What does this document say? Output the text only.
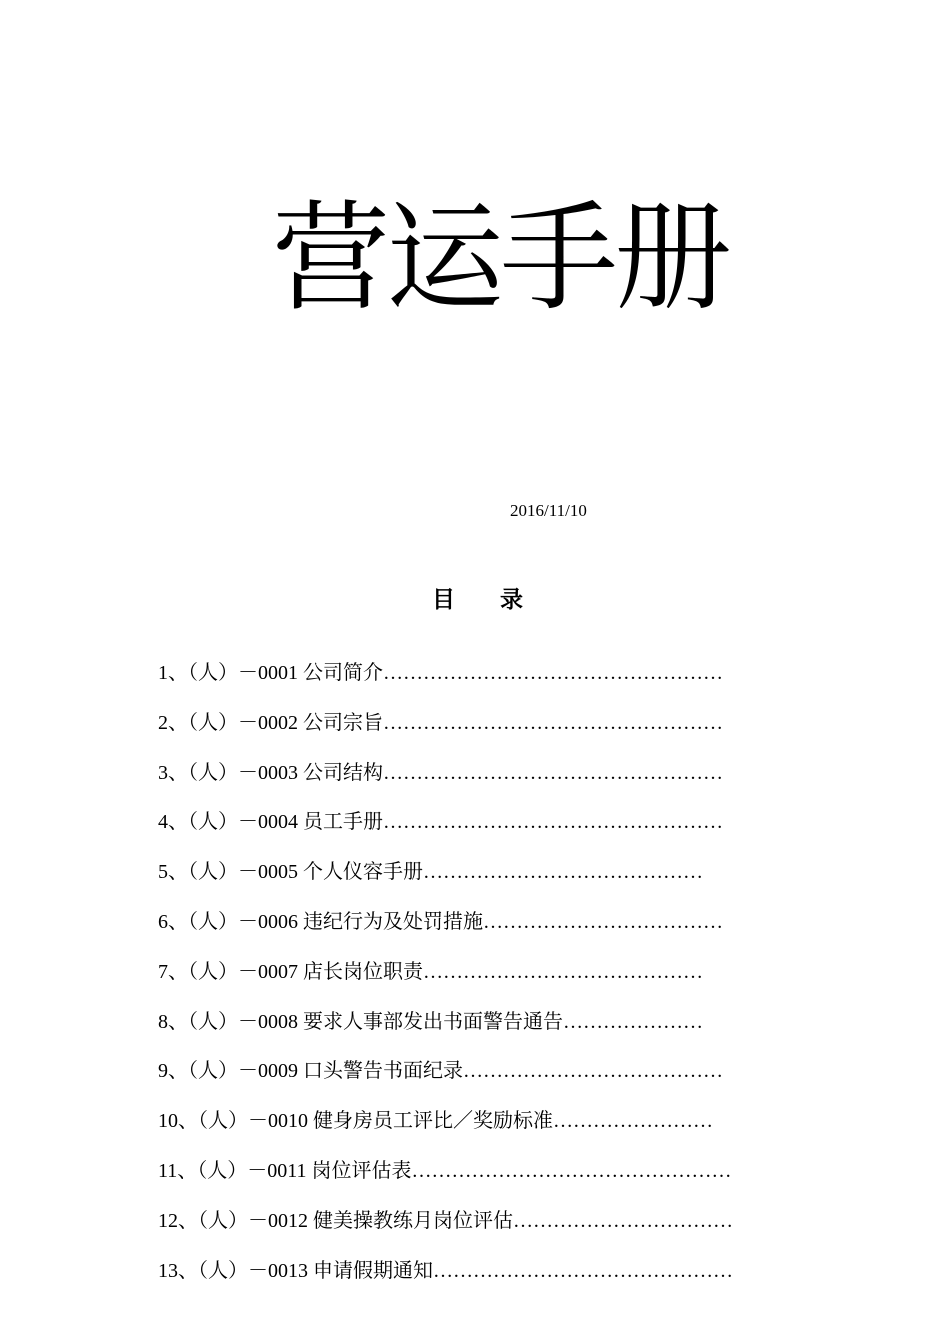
营运手册
2016/11/10
目录
1、（人）－0001 公司简介……………………………………………
2、（人）－0002 公司宗旨……………………………………………
3、（人）－0003 公司结构……………………………………………
4、（人）－0004 员工手册……………………………………………
5、（人）－0005 个人仪容手册……………………………………
6、（人）－0006 违纪行为及处罚措施………………………………
7、（人）－0007 店长岗位职责……………………………………
8、（人）－0008 要求人事部发出书面警告通告…………………
9、（人）－0009 口头警告书面纪录…………………………………
10、（人）－0010 健身房员工评比／奖励标准……………………
11、（人）－0011 岗位评估表…………………………………………
12、（人）－0012 健美操教练月岗位评估……………………………
13、（人）－0013 申请假期通知………………………………………
